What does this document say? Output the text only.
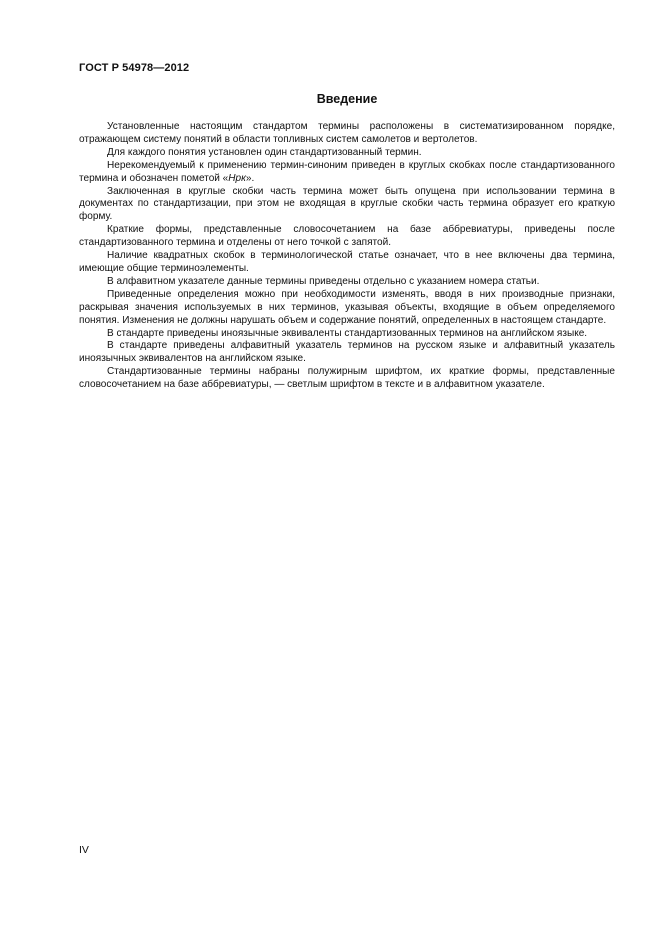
ГОСТ Р 54978—2012
Введение

Установленные настоящим стандартом термины расположены в систематизированном порядке, отражающем систему понятий в области топливных систем самолетов и вертолетов.

Для каждого понятия установлен один стандартизованный термин.

Нерекомендуемый к применению термин-синоним приведен в круглых скобках после стандартизованного термина и обозначен пометой «Нрк».

Заключенная в круглые скобки часть термина может быть опущена при использовании термина в документах по стандартизации, при этом не входящая в круглые скобки часть термина образует его краткую форму.

Краткие формы, представленные словосочетанием на базе аббревиатуры, приведены после стандартизованного термина и отделены от него точкой с запятой.

Наличие квадратных скобок в терминологической статье означает, что в нее включены два термина, имеющие общие терминоэлементы.

В алфавитном указателе данные термины приведены отдельно с указанием номера статьи.

Приведенные определения можно при необходимости изменять, вводя в них производные признаки, раскрывая значения используемых в них терминов, указывая объекты, входящие в объем определяемого понятия. Изменения не должны нарушать объем и содержание понятий, определенных в настоящем стандарте.

В стандарте приведены иноязычные эквиваленты стандартизованных терминов на английском языке.

В стандарте приведены алфавитный указатель терминов на русском языке и алфавитный указатель иноязычных эквивалентов на английском языке.

Стандартизованные термины набраны полужирным шрифтом, их краткие формы, представленные словосочетанием на базе аббревиатуры, — светлым шрифтом в тексте и в алфавитном указателе.

IV
